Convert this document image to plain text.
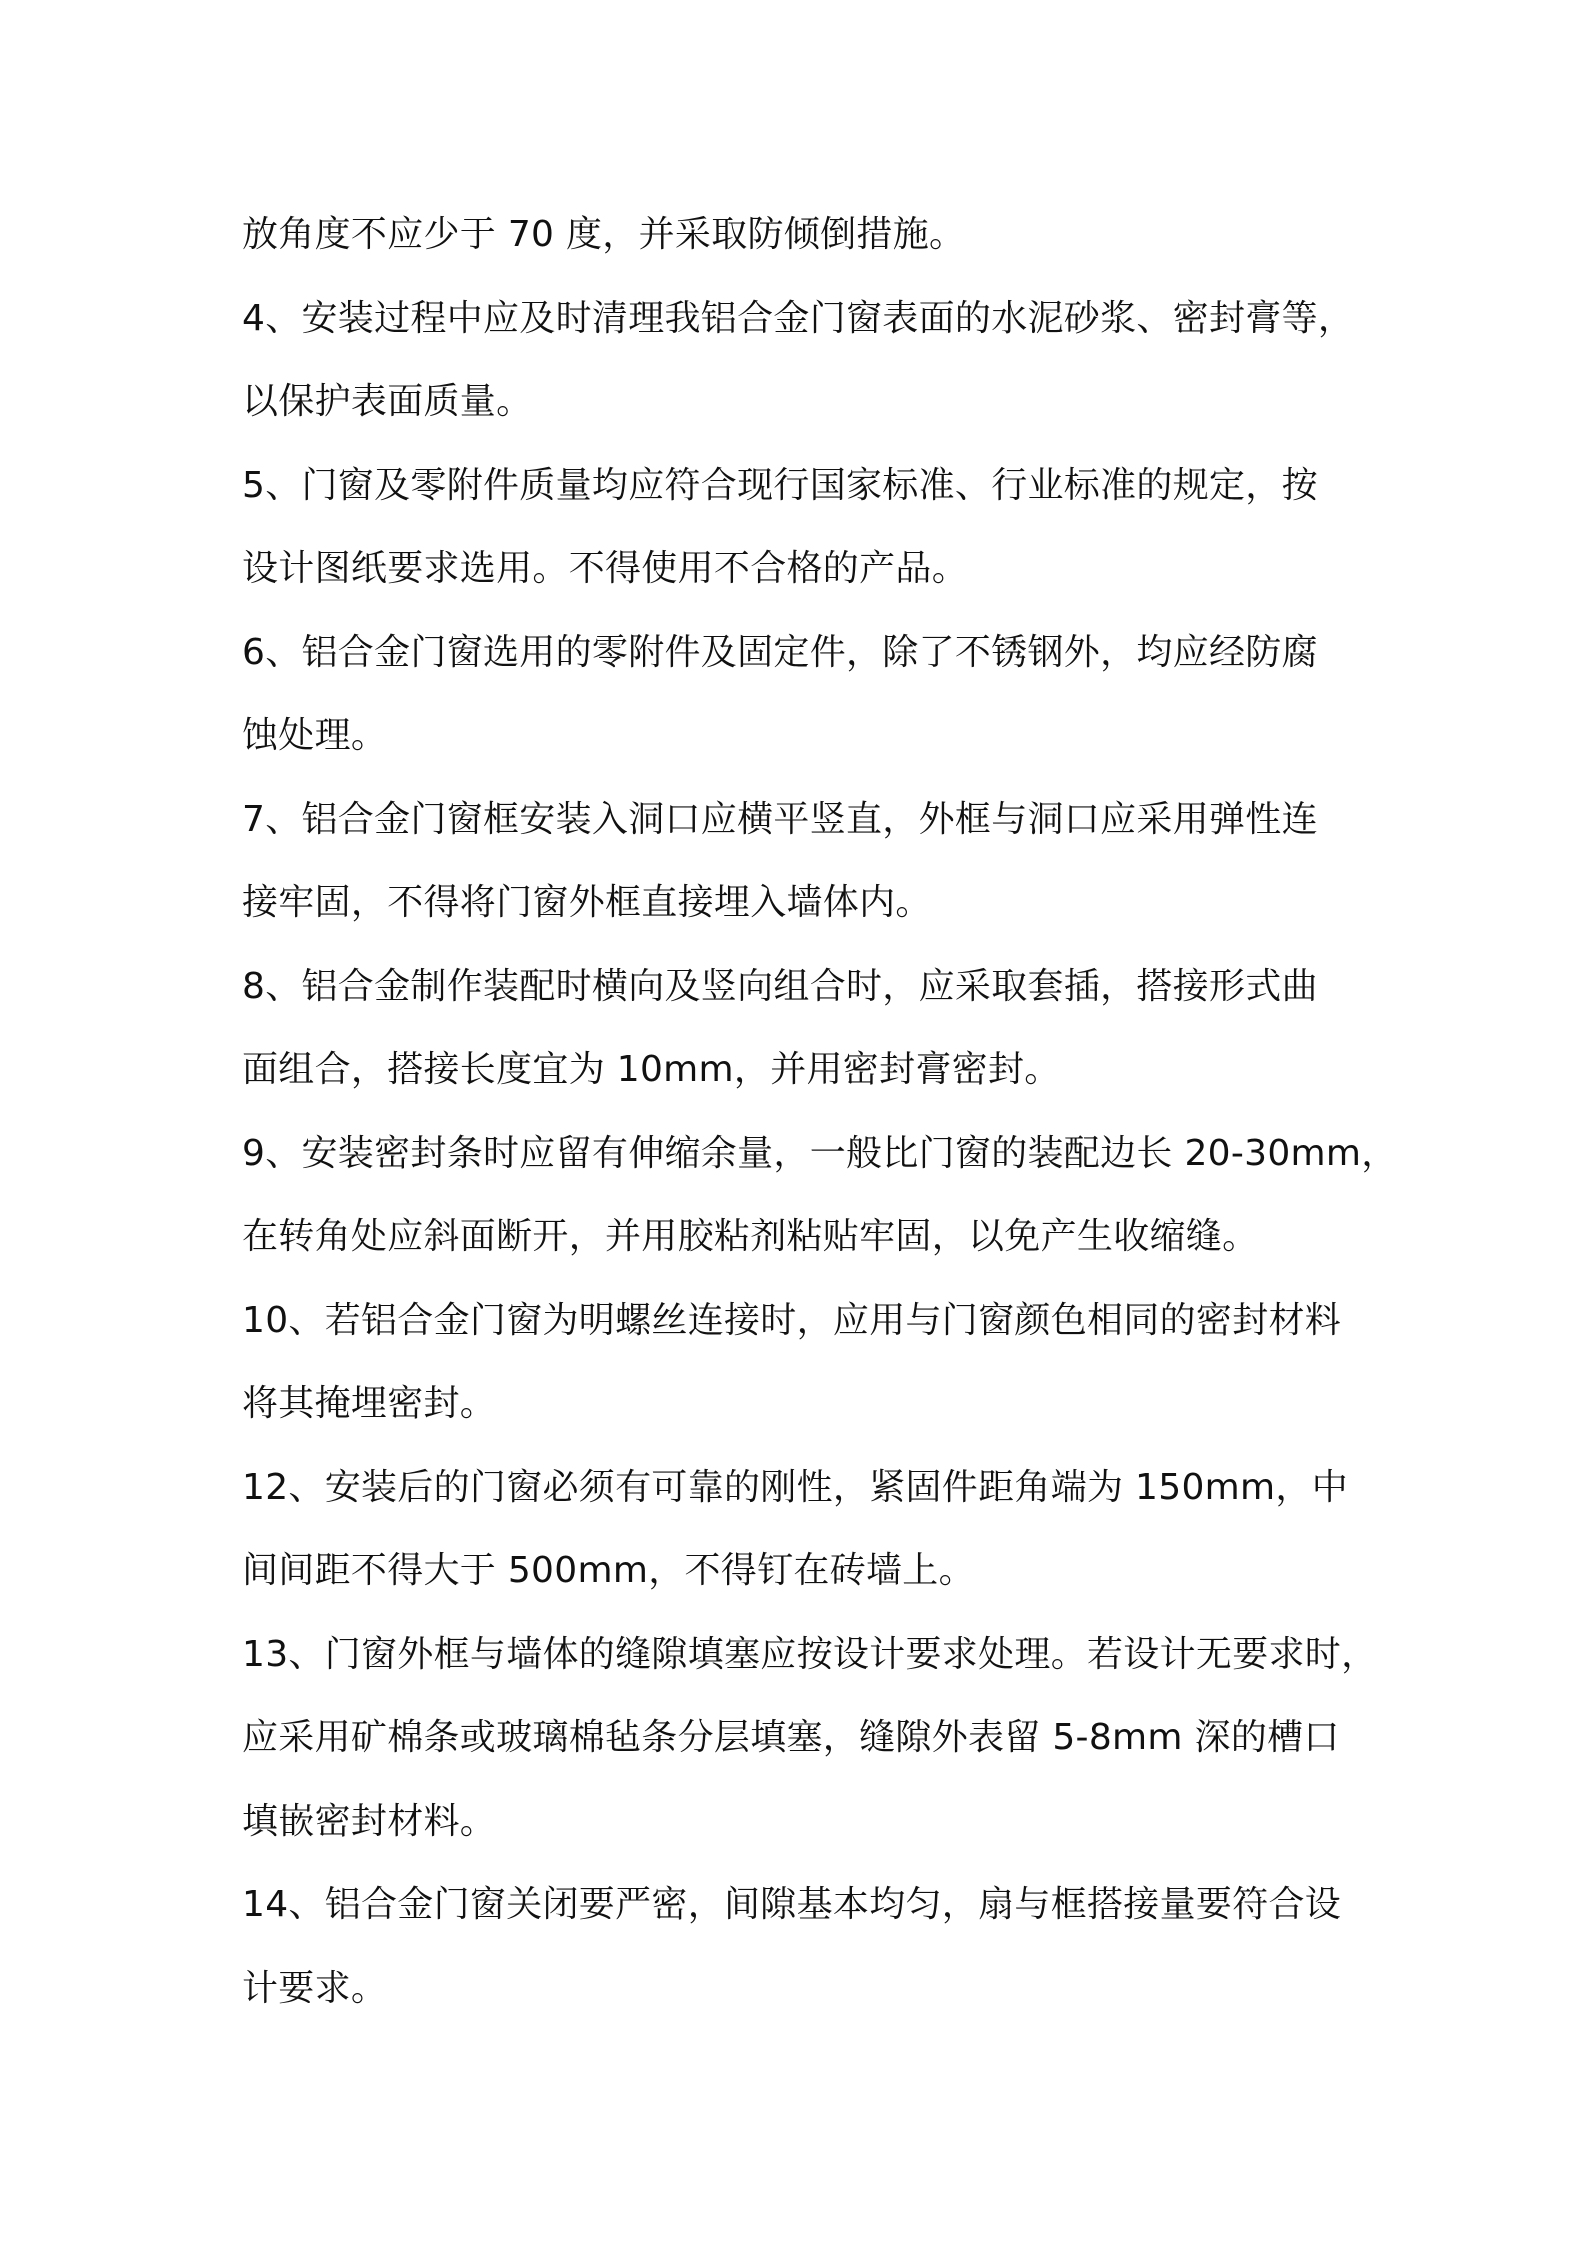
放角度不应少于 70 度，并采取防倾倒措施。
4、安装过程中应及时清理我铝合金门窗表面的水泥砂浆、密封膏等，
以保护表面质量。
5、门窗及零附件质量均应符合现行国家标准、行业标准的规定，按
设计图纸要求选用。不得使用不合格的产品。
6、铝合金门窗选用的零附件及固定件，除了不锈钢外，均应经防腐
蚀处理。
7、铝合金门窗框安装入洞口应横平竖直，外框与洞口应采用弹性连
接牢固，不得将门窗外框直接埋入墙体内。
8、铝合金制作装配时横向及竖向组合时，应采取套插，搭接形式曲
面组合，搭接长度宜为 10mm，并用密封膏密封。
9、安装密封条时应留有伸缩余量，一般比门窗的装配边长 20-30mm，
在转角处应斜面断开，并用胶粘剂粘贴牢固，以免产生收缩缝。
10、若铝合金门窗为明螺丝连接时，应用与门窗颜色相同的密封材料
将其掩埋密封。
12、安装后的门窗必须有可靠的刚性，紧固件距角端为 150mm，中
间间距不得大于 500mm，不得钉在砖墙上。
13、门窗外框与墙体的缝隙填塞应按设计要求处理。若设计无要求时，
应采用矿棉条或玻璃棉毡条分层填塞，缝隙外表留 5-8mm 深的槽口
填嵌密封材料。
14、铝合金门窗关闭要严密，间隙基本均匀，扇与框搭接量要符合设
计要求。
